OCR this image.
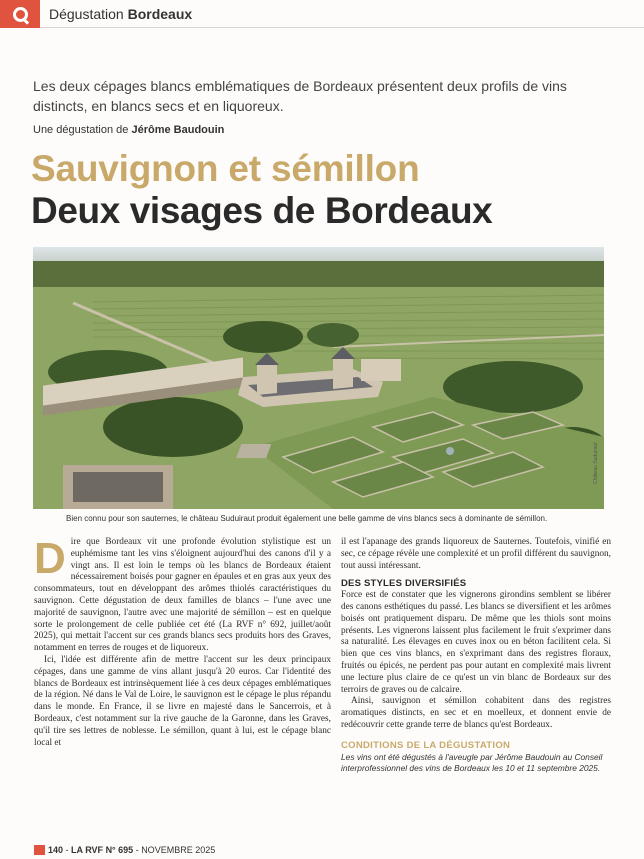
Dégustation Bordeaux

Les deux cépages blancs emblématiques de Bordeaux présentent deux profils de vins distincts, en blancs secs et en liquoreux.

Une dégustation de Jérôme Baudouin
Sauvignon et sémillon
Deux visages de Bordeaux
Château Suduiraut

Bien connu pour son sauternes, le château Suduiraut produit également une belle gamme de vins blancs secs à dominante de sémillon.

Dire que Bordeaux vit une profonde évolution stylistique est un euphémisme tant les vins s'éloignent aujourd'hui des canons d'il y a vingt ans. Il est loin le temps où les blancs de Bordeaux étaient nécessairement boisés pour gagner en épaules et en gras aux yeux des consommateurs, tout en développant des arômes thiolés caractéristiques du sauvignon. Cette dégustation de deux familles de blancs – l'une avec une majorité de sauvignon, l'autre avec une majorité de sémillon – est en quelque sorte le prolongement de celle publiée cet été (La RVF n° 692, juillet/août 2025), qui mettait l'accent sur ces grands blancs secs produits hors des Graves, notamment en terres de rouges et de liquoreux.

Ici, l'idée est différente afin de mettre l'accent sur les deux principaux cépages, dans une gamme de vins allant jusqu'à 20 euros. Car l'identité des blancs de Bordeaux est intrinsèquement liée à ces deux cépages emblématiques de la région. Né dans le Val de Loire, le sauvignon est le cépage le plus répandu dans le monde. En France, il se livre en majesté dans le Sancerrois, et à Bordeaux, c'est notamment sur la rive gauche de la Garonne, dans les Graves, qu'il tire ses lettres de noblesse. Le sémillon, quant à lui, est le cépage blanc local et

il est l'apanage des grands liquoreux de Sauternes. Toutefois, vinifié en sec, ce cépage révèle une complexité et un profil différent du sauvignon, tout aussi intéressant.

DES STYLES DIVERSIFIÉS

Force est de constater que les vignerons girondins semblent se libérer des canons esthétiques du passé. Les blancs se diversifient et les arômes boisés ont pratiquement disparu. De même que les thiols sont moins présents. Les vignerons laissent plus facilement le fruit s'exprimer dans sa naturalité. Les élevages en cuves inox ou en béton facilitent cela. Si bien que ces vins blancs, en s'exprimant dans des registres floraux, fruités ou épicés, ne perdent pas pour autant en complexité mais livrent une lecture plus claire de ce qu'est un vin blanc de Bordeaux sur des terroirs de graves ou de calcaire.

Ainsi, sauvignon et sémillon cohabitent dans des registres aromatiques distincts, en sec et en moelleux, et donnent envie de redécouvrir cette grande terre de blancs qu'est Bordeaux.

CONDITIONS DE LA DÉGUSTATION

Les vins ont été dégustés à l'aveugle par Jérôme Baudouin au Conseil interprofessionnel des vins de Bordeaux les 10 et 11 septembre 2025.

140 - LA RVF
N° 695 - NOVEMBRE 2025
